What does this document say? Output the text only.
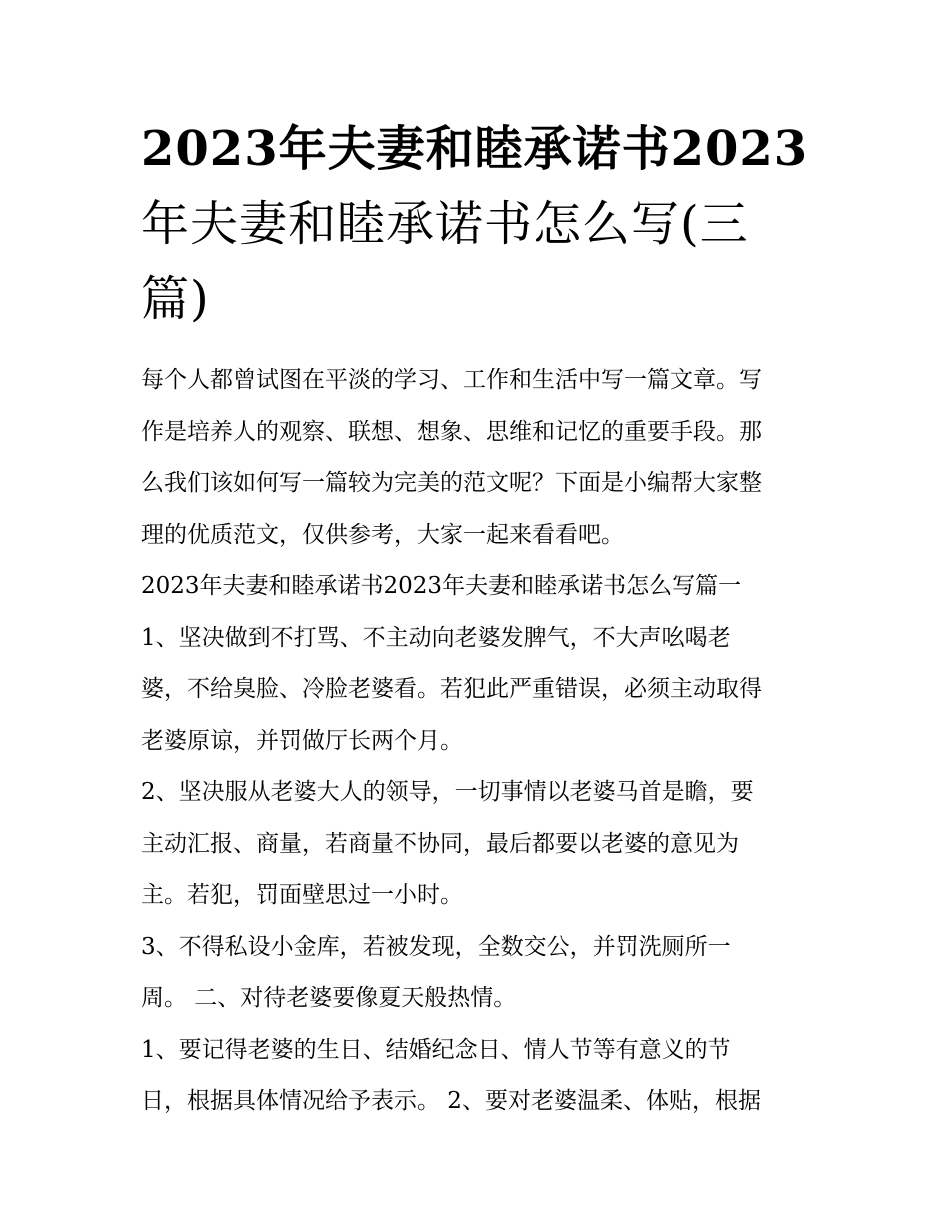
2023年夫妻和睦承诺书2023
年夫妻和睦承诺书怎么写(三
篇)
每个人都曾试图在平淡的学习、工作和生活中写一篇文章。写
作是培养人的观察、联想、想象、思维和记忆的重要手段。那
么我们该如何写一篇较为完美的范文呢？下面是小编帮大家整
理的优质范文，仅供参考，大家一起来看看吧。
2023年夫妻和睦承诺书2023年夫妻和睦承诺书怎么写篇一
1、坚决做到不打骂、不主动向老婆发脾气，不大声吆喝老
婆，不给臭脸、冷脸老婆看。若犯此严重错误，必须主动取得
老婆原谅，并罚做厅长两个月。
2、坚决服从老婆大人的领导，一切事情以老婆马首是瞻，要
主动汇报、商量，若商量不协同，最后都要以老婆的意见为
主。若犯，罚面壁思过一小时。
3、不得私设小金库，若被发现，全数交公，并罚洗厕所一
周。 二、对待老婆要像夏天般热情。
1、要记得老婆的生日、结婚纪念日、情人节等有意义的节
日，根据具体情况给予表示。 2、要对老婆温柔、体贴，根据
